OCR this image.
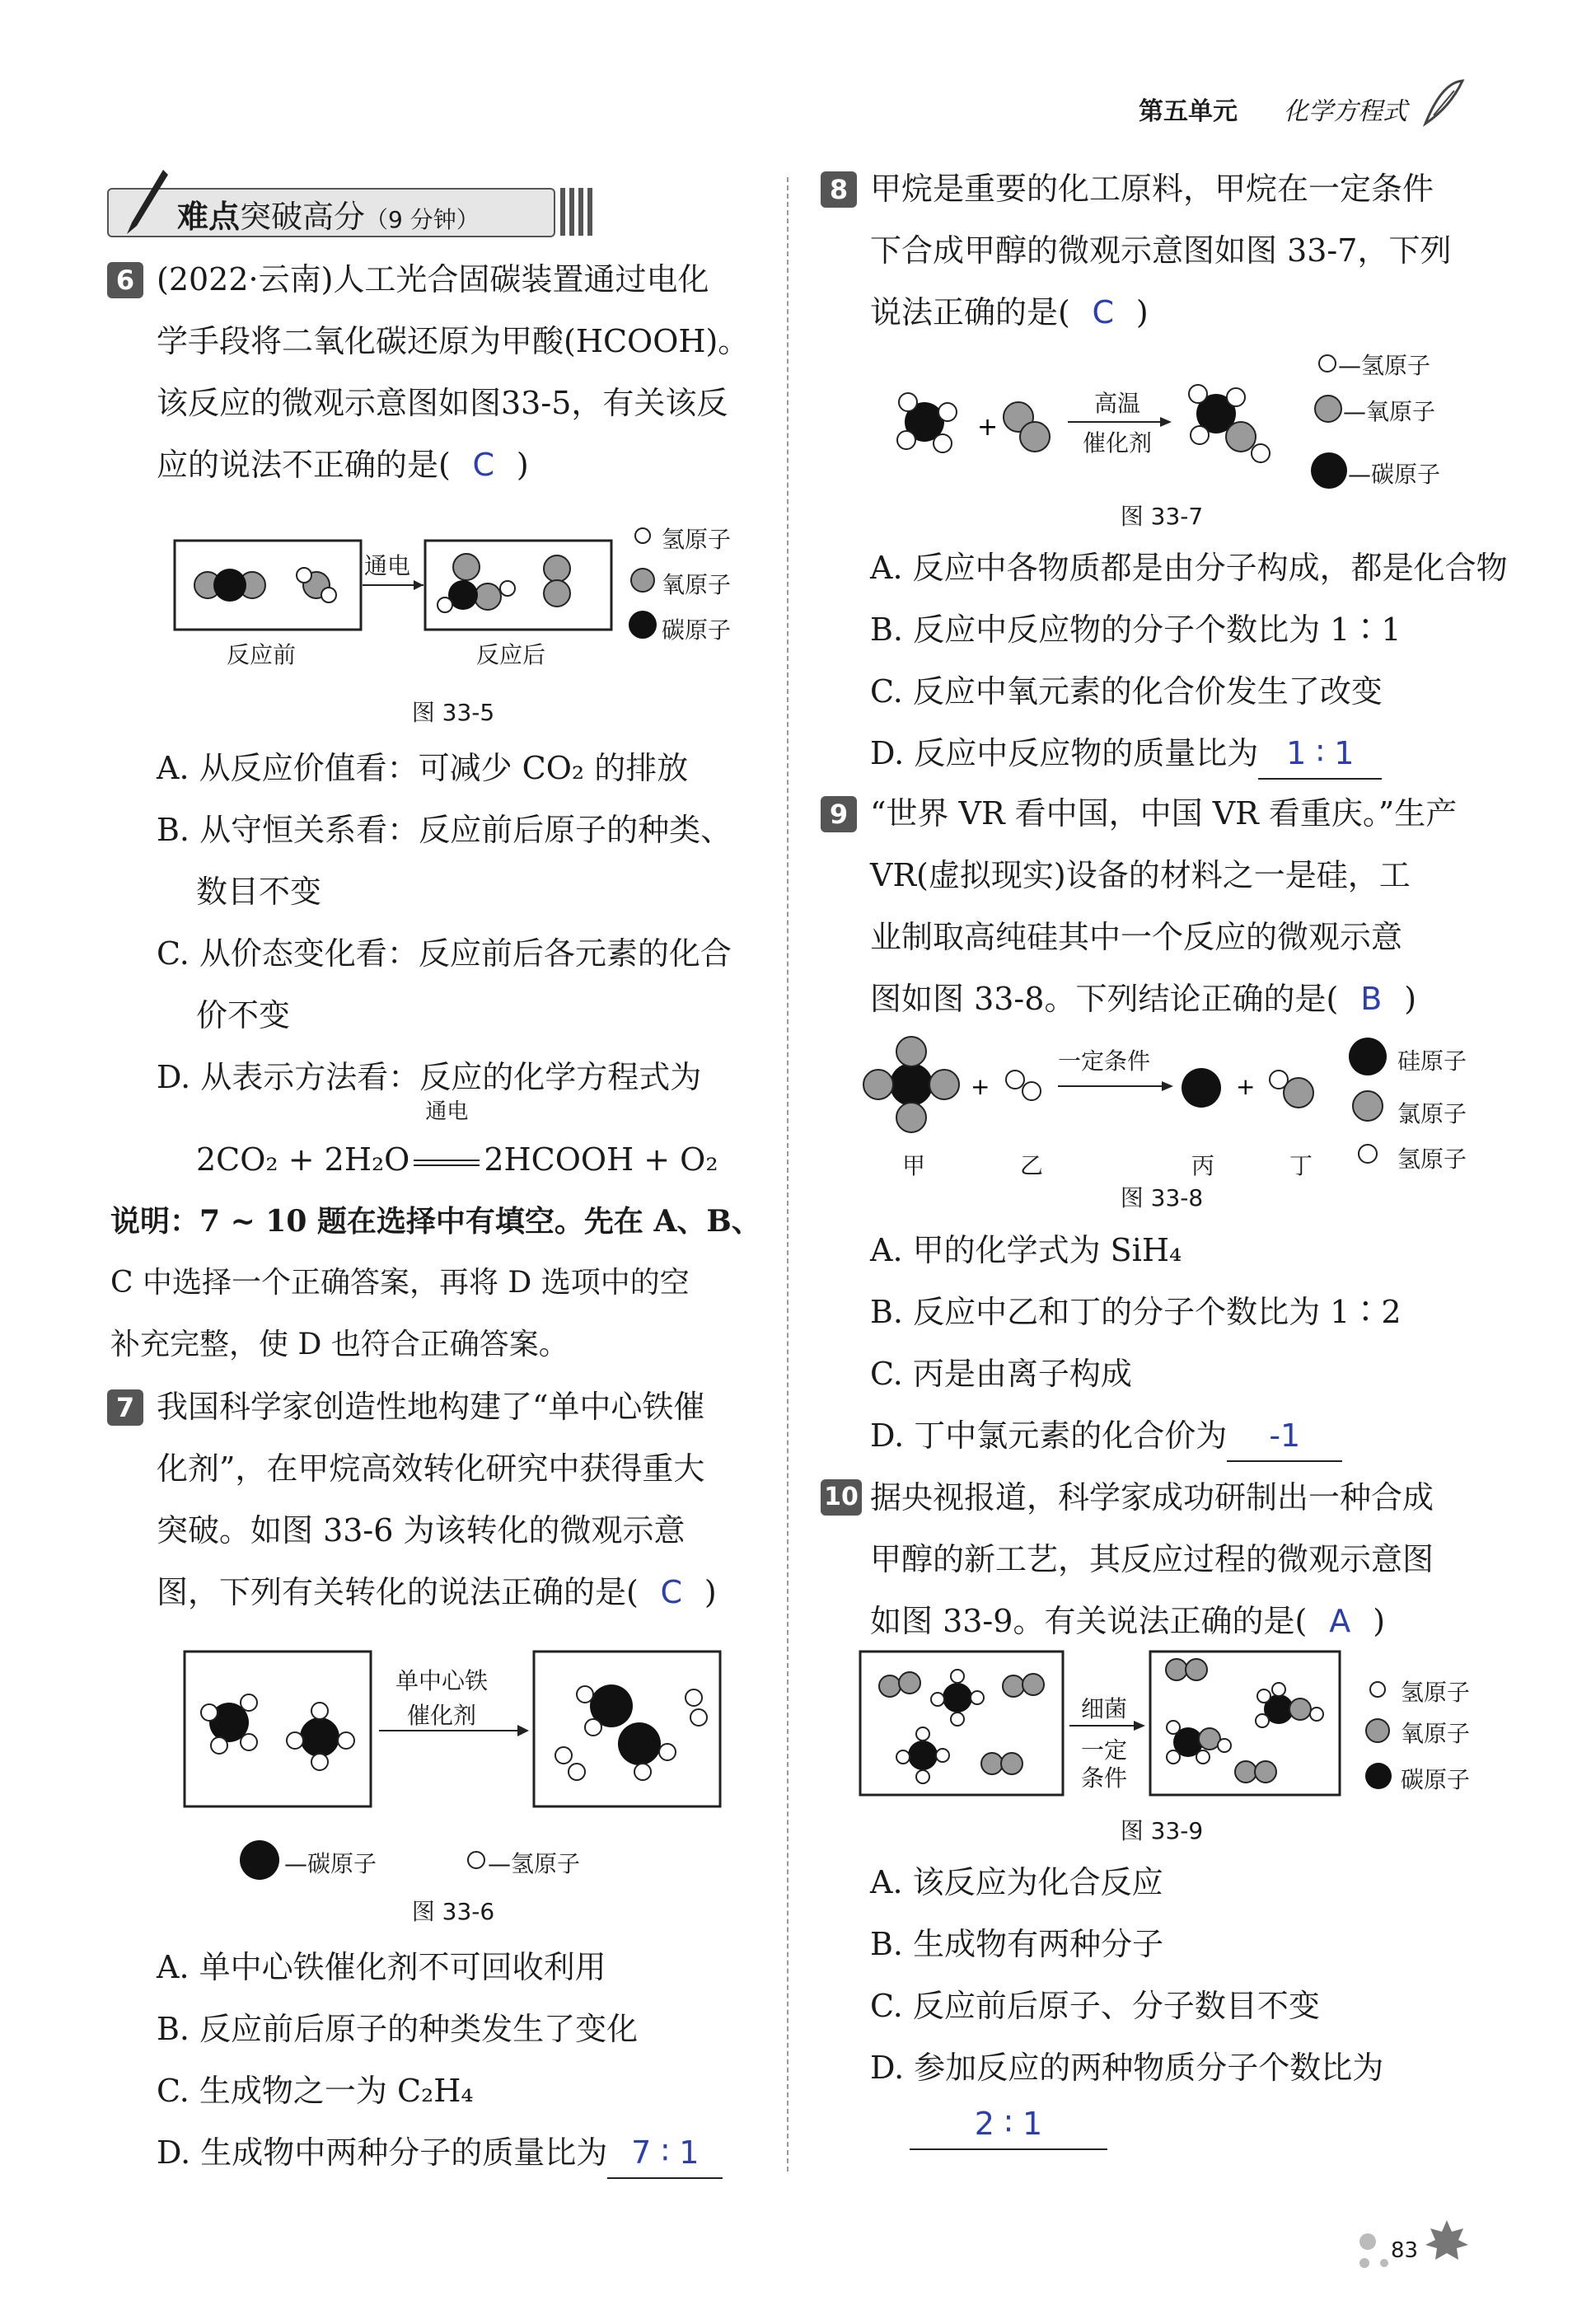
第五单元 化学方程式
难点突破高分（9 分钟）
6 (2022·云南)人工光合固碳装置通过电化
学手段将二氧化碳还原为甲酸(HCOOH)。
该反应的微观示意图如图33-5，有关该反
应的说法不正确的是( C )
通电
反应前	反应后
氢原子
氧原子
碳原子
图 33-5
A. 从反应价值看：可减少 CO₂ 的排放
B. 从守恒关系看：反应前后原子的种类、
数目不变
C. 从价态变化看：反应前后各元素的化合
价不变
D. 从表示方法看：反应的化学方程式为
2CO₂ + 2H₂O
通电
2HCOOH + O₂
说明：7 ~ 10 题在选择中有填空。先在 A、B、
C 中选择一个正确答案，再将 D 选项中的空
补充完整，使 D 也符合正确答案。
7 我国科学家创造性地构建了“单中心铁催
化剂”，在甲烷高效转化研究中获得重大
突破。如图 33-6 为该转化的微观示意
图，下列有关转化的说法正确的是( C )
单中心铁
催化剂
—碳原子	—氢原子
图 33-6
A. 单中心铁催化剂不可回收利用
B. 反应前后原子的种类发生了变化
C. 生成物之一为 C₂H₄
D. 生成物中两种分子的质量比为 7 ∶ 1
8 甲烷是重要的化工原料，甲烷在一定条件
下合成甲醇的微观示意图如图 33-7，下列
说法正确的是( C )
+
高温
催化剂
—氢原子
—氧原子
—碳原子
图 33-7
A. 反应中各物质都是由分子构成，都是化合物
B. 反应中反应物的分子个数比为 1∶1
C. 反应中氧元素的化合价发生了改变
D. 反应中反应物的质量比为 1 ∶ 1
9 “世界 VR 看中国，中国 VR 看重庆。”生产
VR(虚拟现实)设备的材料之一是硅，工
业制取高纯硅其中一个反应的微观示意
图如图 33-8。下列结论正确的是( B )
+	+
一定条件
甲	乙	丙	丁
硅原子
氯原子
氢原子
图 33-8
A. 甲的化学式为 SiH₄
B. 反应中乙和丁的分子个数比为 1∶2
C. 丙是由离子构成
D. 丁中氯元素的化合价为 -1
10 据央视报道，科学家成功研制出一种合成
甲醇的新工艺，其反应过程的微观示意图
如图 33-9。有关说法正确的是( A )
细菌
一定
条件
氢原子
氧原子
碳原子
图 33-9
A. 该反应为化合反应
B. 生成物有两种分子
C. 反应前后原子、分子数目不变
D. 参加反应的两种物质分子个数比为
2 ∶ 1
83
